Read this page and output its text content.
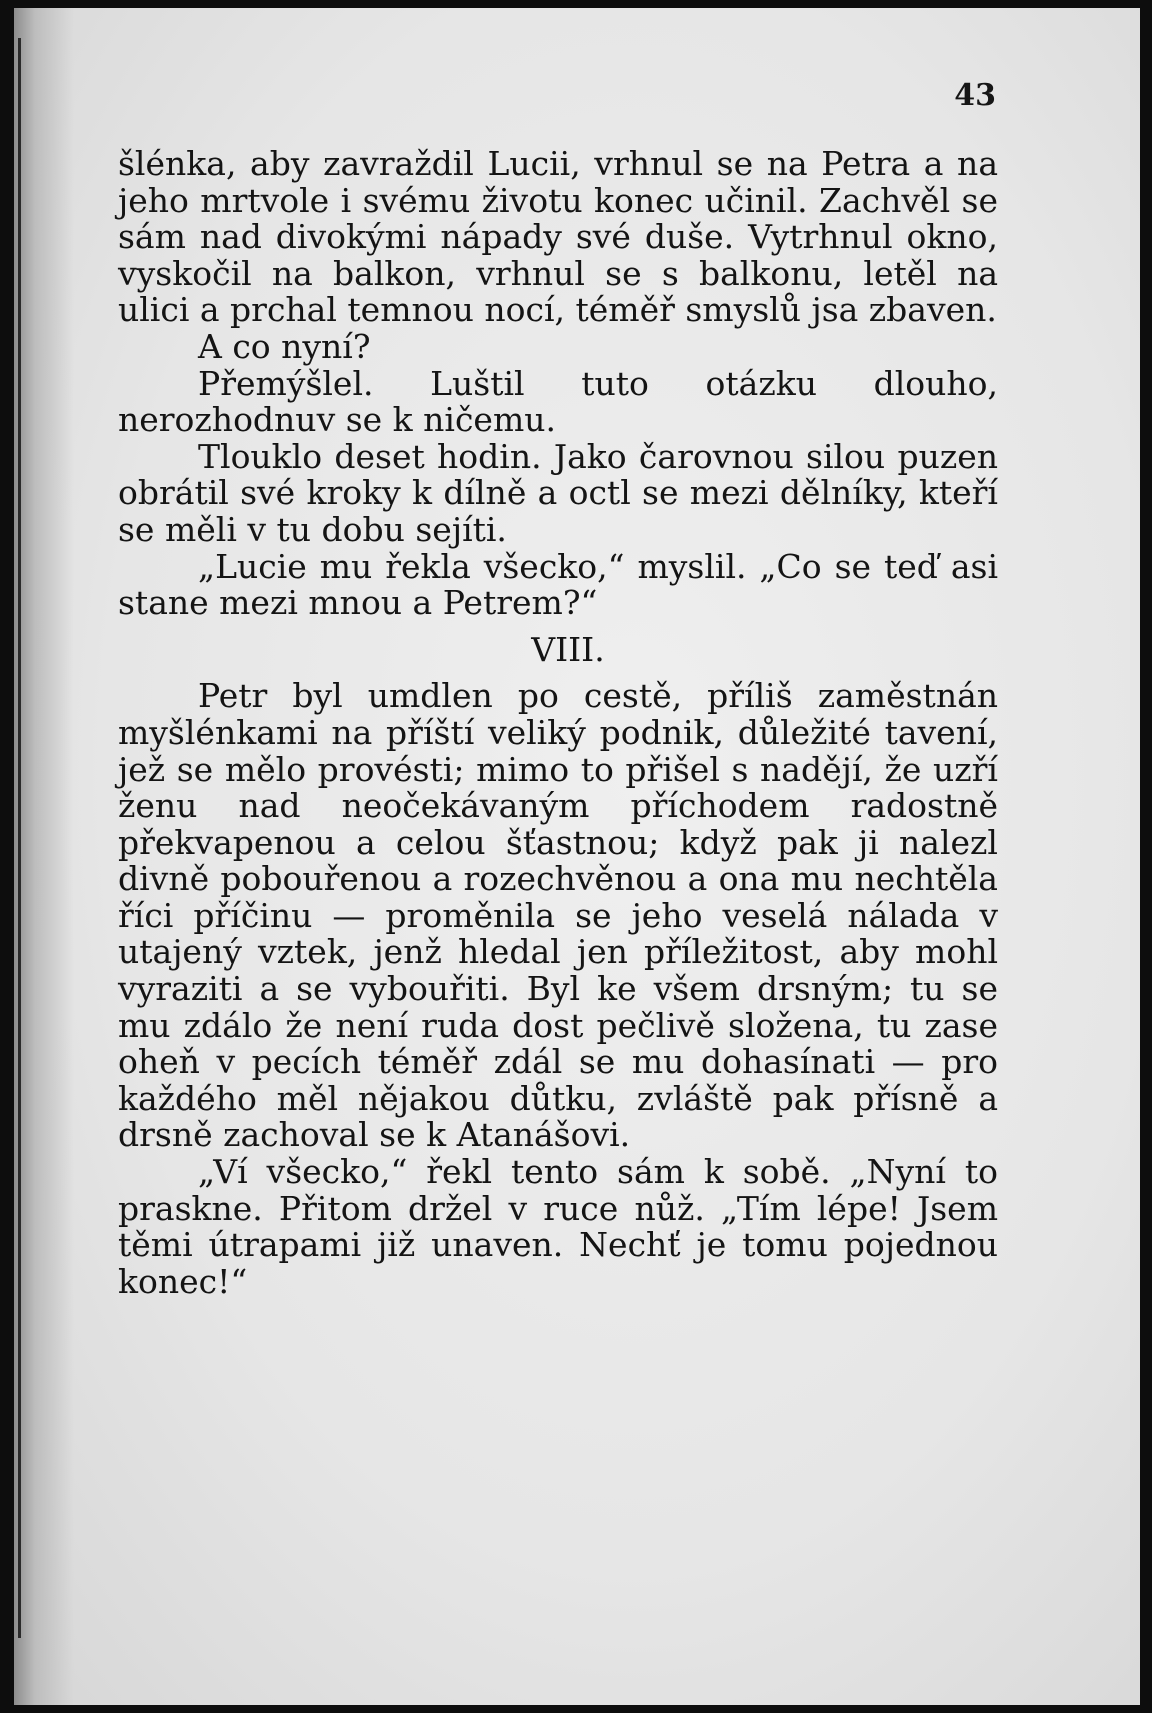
43

šlénka, aby zavraždil Lucii, vrhnul se na Petra a na jeho mrtvole i svému životu konec učinil. Zachvěl se sám nad divokými nápady své duše. Vytrhnul okno, vyskočil na balkon, vrhnul se s balkonu, letěl na ulici a prchal temnou nocí, téměř smyslů jsa zbaven.

A co nyní?

Přemýšlel. Luštil tuto otázku dlouho, nerozhodnuv se k ničemu.

Tlouklo deset hodin. Jako čarovnou silou puzen obrátil své kroky k dílně a octl se mezi dělníky, kteří se měli v tu dobu sejíti.

„Lucie mu řekla všecko,“ myslil. „Co se teď asi stane mezi mnou a Petrem?“

VIII.

Petr byl umdlen po cestě, příliš zaměstnán myšlénkami na příští veliký podnik, důležité tavení, jež se mělo provésti; mimo to přišel s nadějí, že uzří ženu nad neočekávaným příchodem radostně překvapenou a celou šťastnou; když pak ji nalezl divně pobouřenou a rozechvěnou a ona mu nechtěla říci příčinu — proměnila se jeho veselá nálada v utajený vztek, jenž hledal jen příležitost, aby mohl vyraziti a se vybouřiti. Byl ke všem drsným; tu se mu zdálo že není ruda dost pečlivě složena, tu zase oheň v pecích téměř zdál se mu dohasínati — pro každého měl nějakou důtku, zvláště pak přísně a drsně zachoval se k Atanášovi.

„Ví všecko,“ řekl tento sám k sobě. „Nyní to praskne. Přitom držel v ruce nůž. „Tím lépe! Jsem těmi útrapami již unaven. Nechť je tomu pojednou konec!“
